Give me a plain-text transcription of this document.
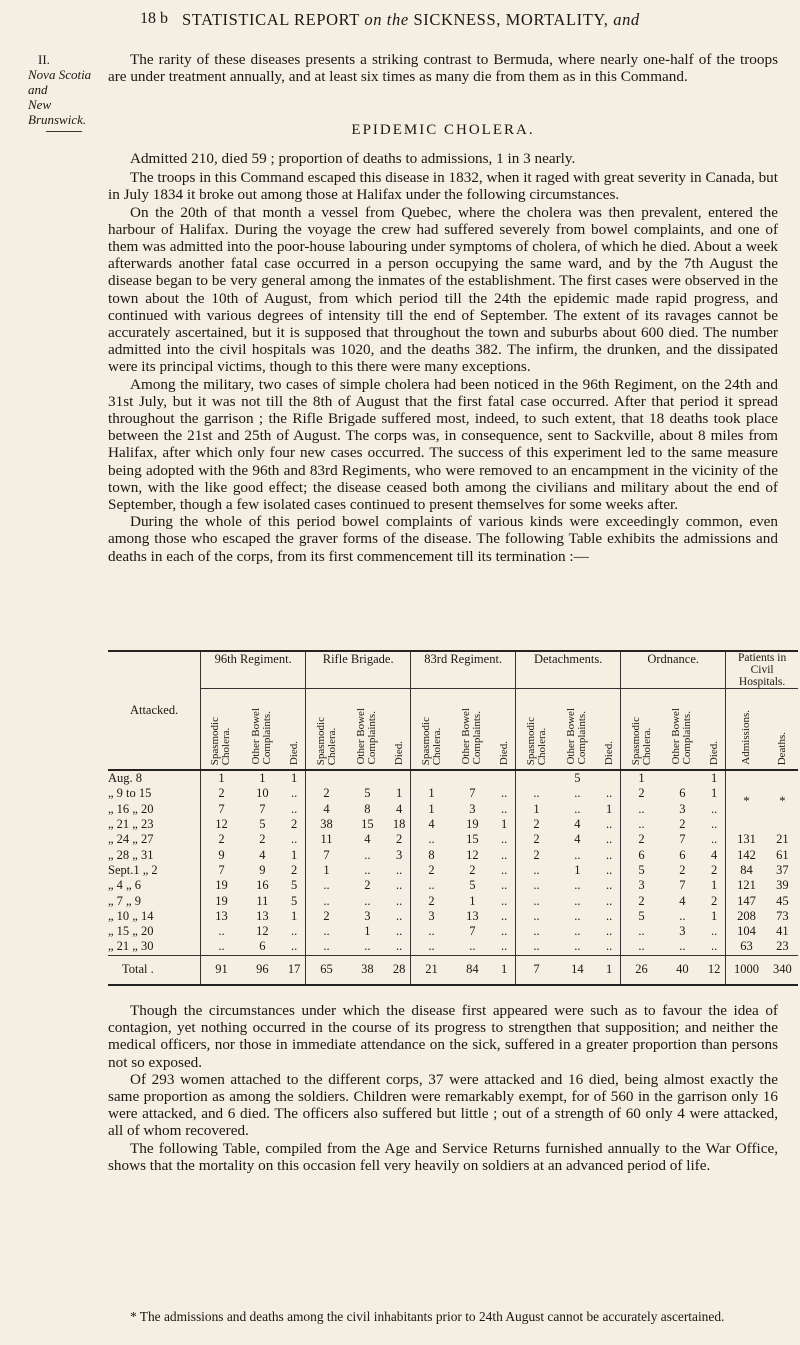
18 b STATISTICAL REPORT on the SICKNESS, MORTALITY, and
II.
Nova Scotia and
New Brunswick.

The rarity of these diseases presents a striking contrast to Bermuda, where nearly one-half of the troops are under treatment annually, and at least six times as many die from them as in this Command.

EPIDEMIC CHOLERA.

Admitted 210, died 59 ; proportion of deaths to admissions, 1 in 3 nearly.

The troops in this Command escaped this disease in 1832, when it raged with great severity in Canada, but in July 1834 it broke out among those at Halifax under the following circumstances.

On the 20th of that month a vessel from Quebec, where the cholera was then prevalent, entered the harbour of Halifax. During the voyage the crew had suffered severely from bowel complaints, and one of them was admitted into the poor-house labouring under symptoms of cholera, of which he died. About a week afterwards another fatal case occurred in a person occupying the same ward, and by the 7th August the disease began to be very general among the inmates of the establishment. The first cases were observed in the town about the 10th of August, from which period till the 24th the epidemic made rapid progress, and continued with various degrees of intensity till the end of September. The extent of its ravages cannot be accurately ascertained, but it is supposed that throughout the town and suburbs about 600 died. The number admitted into the civil hospitals was 1020, and the deaths 382. The infirm, the drunken, and the dissipated were its principal victims, though to this there were many exceptions.

Among the military, two cases of simple cholera had been noticed in the 96th Regiment, on the 24th and 31st July, but it was not till the 8th of August that the first fatal case occurred. After that period it spread throughout the garrison ; the Rifle Brigade suffered most, indeed, to such extent, that 18 deaths took place between the 21st and 25th of August. The corps was, in consequence, sent to Sackville, about 8 miles from Halifax, after which only four new cases occurred. The success of this experiment led to the same measure being adopted with the 96th and 83rd Regiments, who were removed to an encampment in the vicinity of the town, with the like good effect; the disease ceased both among the civilians and military about the end of September, though a few isolated cases continued to present themselves for some weeks after.

During the whole of this period bowel complaints of various kinds were exceedingly common, even among those who escaped the graver forms of the disease. The following Table exhibits the admissions and deaths in each of the corps, from its first commencement till its termination :—

Attacked.	96th Regiment.			Rifle Brigade.			83rd Regiment.			Detachments.			Ordnance.			Patients in Civil Hospitals.	
	Spasmodic
Cholera.	Other Bowel
Complaints.	Died.	Spasmodic
Cholera.	Other Bowel
Complaints.	Died.	Spasmodic
Cholera.	Other Bowel
Complaints.	Died.	Spasmodic
Cholera.	Other Bowel
Complaints.	Died.	Spasmodic
Cholera.	Other Bowel
Complaints.	Died.	Admissions.	Deaths.
Aug. 8	1	1	1								5		1		1	*	*
„ 9 to 15	2	10	..	2	5	1	1	7	..	..	..	..	2	6	1		
„ 16 „ 20	7	7	..	4	8	4	1	3	..	1	..	1	..	3	..		
„ 21 „ 23	12	5	2	38	15	18	4	19	1	2	4	..	..	2	..		
„ 24 „ 27	2	2	..	11	4	2	..	15	..	2	4	..	2	7	..	131	21
„ 28 „ 31	9	4	1	7	..	3	8	12	..	2	..	..	6	6	4	142	61
Sept.1 „ 2	7	9	2	1	..	..	2	2	..	..	1	..	5	2	2	84	37
„ 4 „ 6	19	16	5	..	2	..	..	5	..	..	..	..	3	7	1	121	39
„ 7 „ 9	19	11	5	..	..	..	2	1	..	..	..	..	2	4	2	147	45
„ 10 „ 14	13	13	1	2	3	..	3	13	..	..	..	..	5	..	1	208	73
„ 15 „ 20	..	12	..	..	1	..	..	7	..	..	..	..	..	3	..	104	41
„ 21 „ 30	..	6	..	..	..	..	..	..	..	..	..	..	..	..	..	63	23
Total .	91	96	17	65	38	28	21	84	1	7	14	1	26	40	12	1000	340

Though the circumstances under which the disease first appeared were such as to favour the idea of contagion, yet nothing occurred in the course of its progress to strengthen that supposition; and neither the medical officers, nor those in immediate attendance on the sick, suffered in a greater proportion than persons not so exposed.

Of 293 women attached to the different corps, 37 were attacked and 16 died, being almost exactly the same proportion as among the soldiers. Children were remarkably exempt, for of 560 in the garrison only 16 were attacked, and 6 died. The officers also suffered but little ; out of a strength of 60 only 4 were attacked, all of whom recovered.

The following Table, compiled from the Age and Service Returns furnished annually to the War Office, shows that the mortality on this occasion fell very heavily on soldiers at an advanced period of life.

* The admissions and deaths among the civil inhabitants prior to 24th August cannot be accurately ascertained.
